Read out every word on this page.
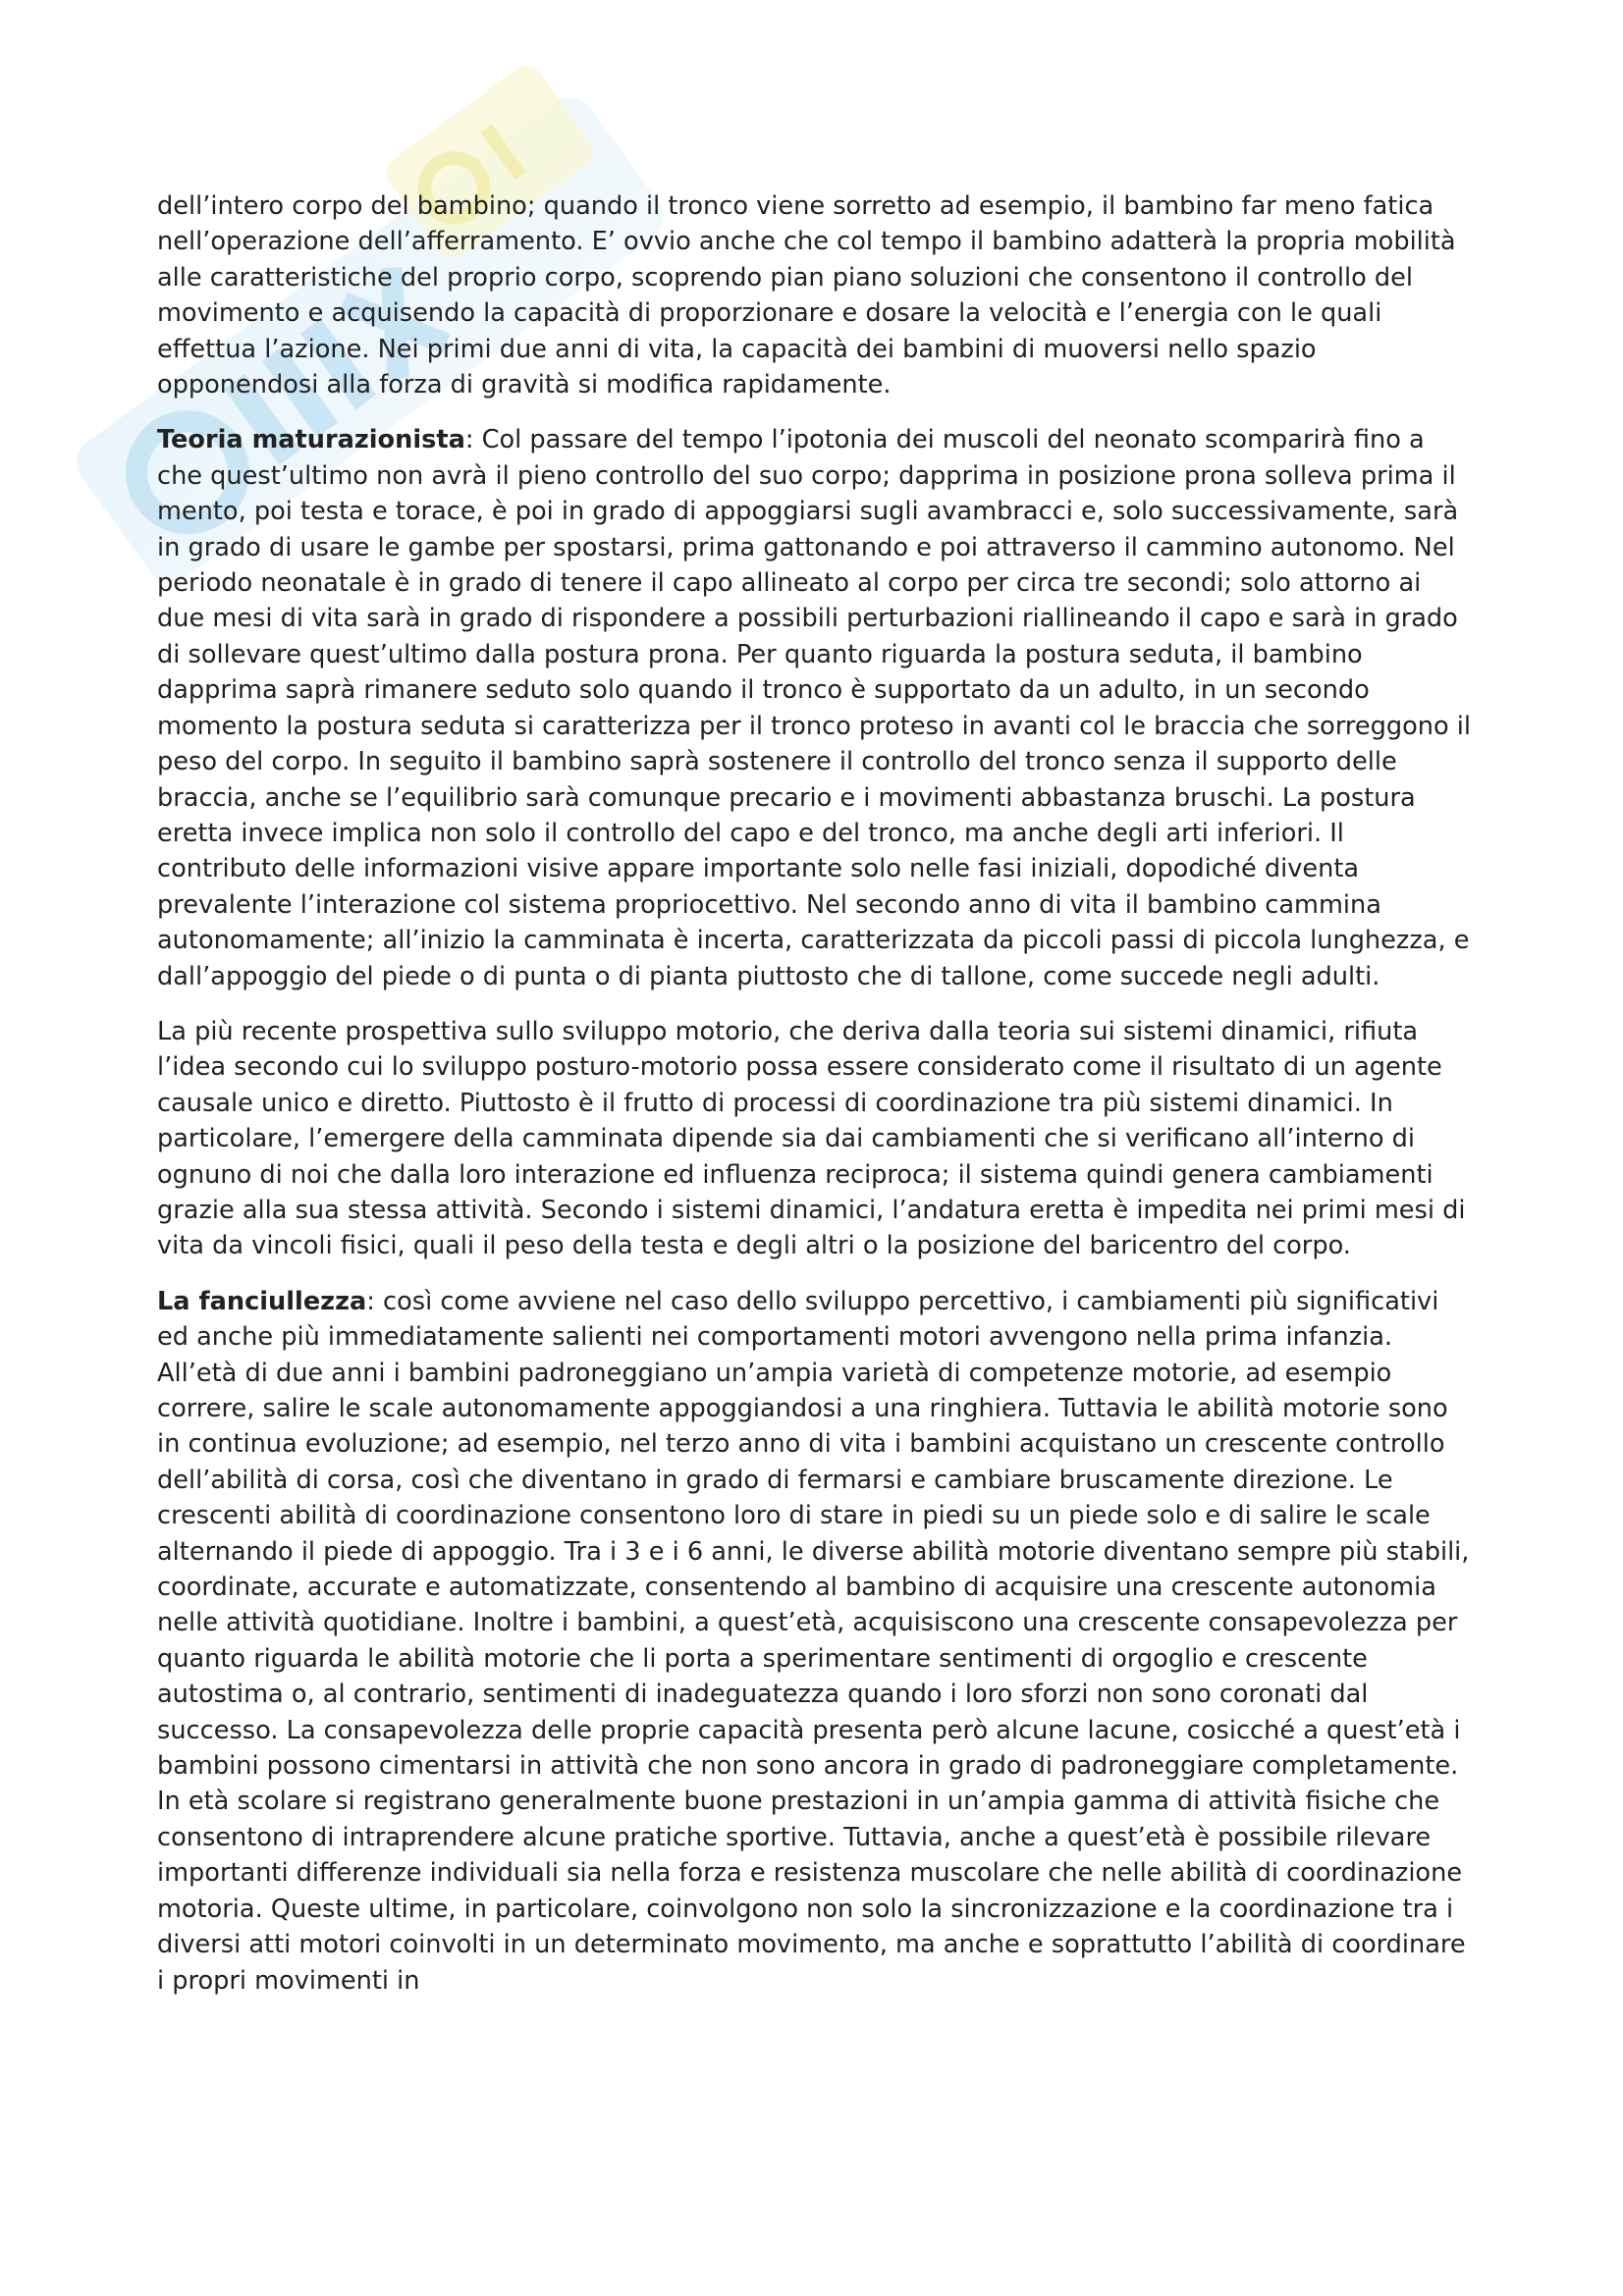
dell’intero corpo del bambino; quando il tronco viene sorretto ad esempio, il bambino far meno fatica nell’operazione dell’afferramento. E’ ovvio anche che col tempo il bambino adatterà la propria mobilità alle caratteristiche del proprio corpo, scoprendo pian piano soluzioni che consentono il controllo del movimento e acquisendo la capacità di proporzionare e dosare la velocità e l’energia con le quali effettua l’azione. Nei primi due anni di vita, la capacità dei bambini di muoversi nello spazio opponendosi alla forza di gravità si modifica rapidamente.

Teoria maturazionista: Col passare del tempo l’ipotonia dei muscoli del neonato scomparirà fino a che quest’ultimo non avrà il pieno controllo del suo corpo; dapprima in posizione prona solleva prima il mento, poi testa e torace, è poi in grado di appoggiarsi sugli avambracci e, solo successivamente, sarà in grado di usare le gambe per spostarsi, prima gattonando e poi attraverso il cammino autonomo. Nel periodo neonatale è in grado di tenere il capo allineato al corpo per circa tre secondi; solo attorno ai due mesi di vita sarà in grado di rispondere a possibili perturbazioni riallineando il capo e sarà in grado di sollevare quest’ultimo dalla postura prona. Per quanto riguarda la postura seduta, il bambino dapprima saprà rimanere seduto solo quando il tronco è supportato da un adulto, in un secondo momento la postura seduta si caratterizza per il tronco proteso in avanti col le braccia che sorreggono il peso del corpo. In seguito il bambino saprà sostenere il controllo del tronco senza il supporto delle braccia, anche se l’equilibrio sarà comunque precario e i movimenti abbastanza bruschi. La postura eretta invece implica non solo il controllo del capo e del tronco, ma anche degli arti inferiori. Il contributo delle informazioni visive appare importante solo nelle fasi iniziali, dopodiché diventa prevalente l’interazione col sistema propriocettivo. Nel secondo anno di vita il bambino cammina autonomamente; all’inizio la camminata è incerta, caratterizzata da piccoli passi di piccola lunghezza, e dall’appoggio del piede o di punta o di pianta piuttosto che di tallone, come succede negli adulti.

La più recente prospettiva sullo sviluppo motorio, che deriva dalla teoria sui sistemi dinamici, rifiuta l’idea secondo cui lo sviluppo posturo-motorio possa essere considerato come il risultato di un agente causale unico e diretto. Piuttosto è il frutto di processi di coordinazione tra più sistemi dinamici. In particolare, l’emergere della camminata dipende sia dai cambiamenti che si verificano all’interno di ognuno di noi che dalla loro interazione ed influenza reciproca; il sistema quindi genera cambiamenti grazie alla sua stessa attività. Secondo i sistemi dinamici, l’andatura eretta è impedita nei primi mesi di vita da vincoli fisici, quali il peso della testa e degli altri o la posizione del baricentro del corpo.

La fanciullezza: così come avviene nel caso dello sviluppo percettivo, i cambiamenti più significativi ed anche più immediatamente salienti nei comportamenti motori avvengono nella prima infanzia. All’età di due anni i bambini padroneggiano un’ampia varietà di competenze motorie, ad esempio correre, salire le scale autonomamente appoggiandosi a una ringhiera. Tuttavia le abilità motorie sono in continua evoluzione; ad esempio, nel terzo anno di vita i bambini acquistano un crescente controllo dell’abilità di corsa, così che diventano in grado di fermarsi e cambiare bruscamente direzione. Le crescenti abilità di coordinazione consentono loro di stare in piedi su un piede solo e di salire le scale alternando il piede di appoggio. Tra i 3 e i 6 anni, le diverse abilità motorie diventano sempre più stabili, coordinate, accurate e automatizzate, consentendo al bambino di acquisire una crescente autonomia nelle attività quotidiane. Inoltre i bambini, a quest’età, acquisiscono una crescente consapevolezza per quanto riguarda le abilità motorie che li porta a sperimentare sentimenti di orgoglio e crescente autostima o, al contrario, sentimenti di inadeguatezza quando i loro sforzi non sono coronati dal successo. La consapevolezza delle proprie capacità presenta però alcune lacune, cosicché a quest’età i bambini possono cimentarsi in attività che non sono ancora in grado di padroneggiare completamente. In età scolare si registrano generalmente buone prestazioni in un’ampia gamma di attività fisiche che consentono di intraprendere alcune pratiche sportive. Tuttavia, anche a quest’età è possibile rilevare importanti differenze individuali sia nella forza e resistenza muscolare che nelle abilità di coordinazione motoria. Queste ultime, in particolare, coinvolgono non solo la sincronizzazione e la coordinazione tra i diversi atti motori coinvolti in un determinato movimento, ma anche e soprattutto l’abilità di coordinare i propri movimenti in
